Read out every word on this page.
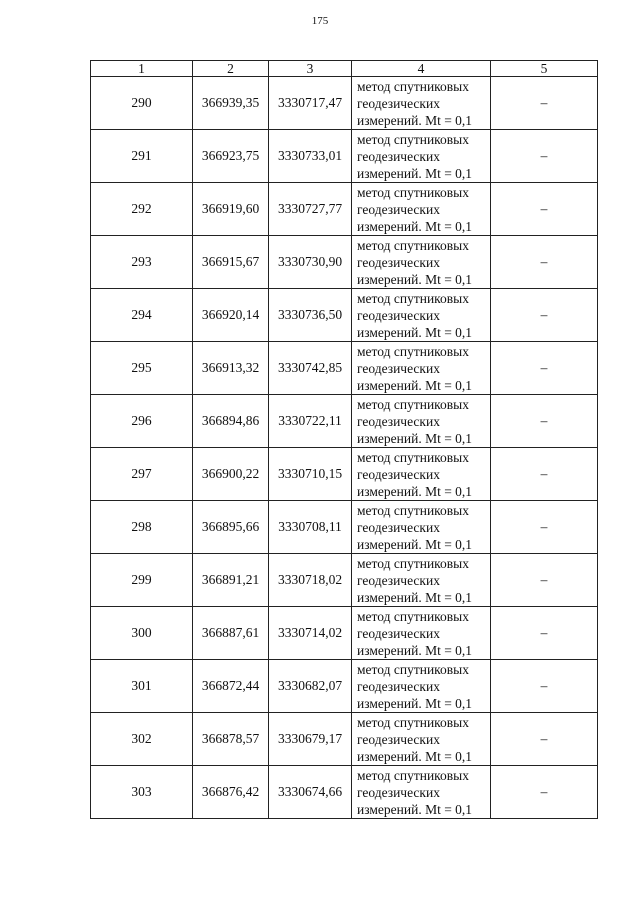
175
1	2	3	4	5
290	366939,35	3330717,47	метод спутниковых
геодезических
измерений. Mt = 0,1	–
291	366923,75	3330733,01	метод спутниковых
геодезических
измерений. Mt = 0,1	–
292	366919,60	3330727,77	метод спутниковых
геодезических
измерений. Mt = 0,1	–
293	366915,67	3330730,90	метод спутниковых
геодезических
измерений. Mt = 0,1	–
294	366920,14	3330736,50	метод спутниковых
геодезических
измерений. Mt = 0,1	–
295	366913,32	3330742,85	метод спутниковых
геодезических
измерений. Mt = 0,1	–
296	366894,86	3330722,11	метод спутниковых
геодезических
измерений. Mt = 0,1	–
297	366900,22	3330710,15	метод спутниковых
геодезических
измерений. Mt = 0,1	–
298	366895,66	3330708,11	метод спутниковых
геодезических
измерений. Mt = 0,1	–
299	366891,21	3330718,02	метод спутниковых
геодезических
измерений. Mt = 0,1	–
300	366887,61	3330714,02	метод спутниковых
геодезических
измерений. Mt = 0,1	–
301	366872,44	3330682,07	метод спутниковых
геодезических
измерений. Mt = 0,1	–
302	366878,57	3330679,17	метод спутниковых
геодезических
измерений. Mt = 0,1	–
303	366876,42	3330674,66	метод спутниковых
геодезических
измерений. Mt = 0,1	–
